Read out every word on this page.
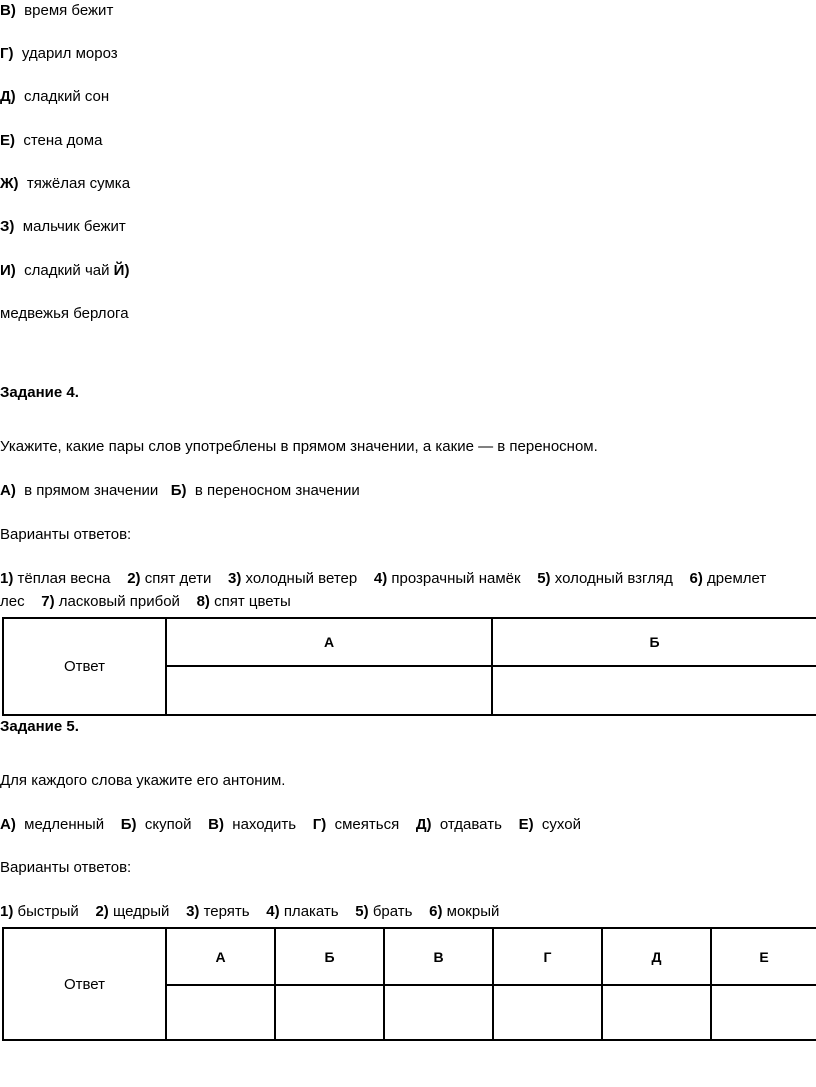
В) время бежит
Г) ударил мороз
Д) сладкий сон
Е) стена дома
Ж) тяжёлая сумка
З) мальчик бежит
И) сладкий чай Й)
медвежья берлога
Задание 4.
Укажите, какие пары слов употреблены в прямом значении, а какие — в переносном.
А) в прямом значении Б) в переносном значении
Варианты ответов:
1) тёплая весна 2) спят дети 3) холодный ветер 4) прозрачный намёк 5) холодный взгляд 6) дремлет
лес 7) ласковый прибой 8) спят цветы
Ответ	А	Б

Задание 5.
Для каждого слова укажите его антоним.
А) медленный Б) скупой В) находить Г) смеяться Д) отдавать Е) сухой
Варианты ответов:
1) быстрый 2) щедрый 3) терять 4) плакать 5) брать 6) мокрый
Ответ	А	Б	В	Г	Д	Е
